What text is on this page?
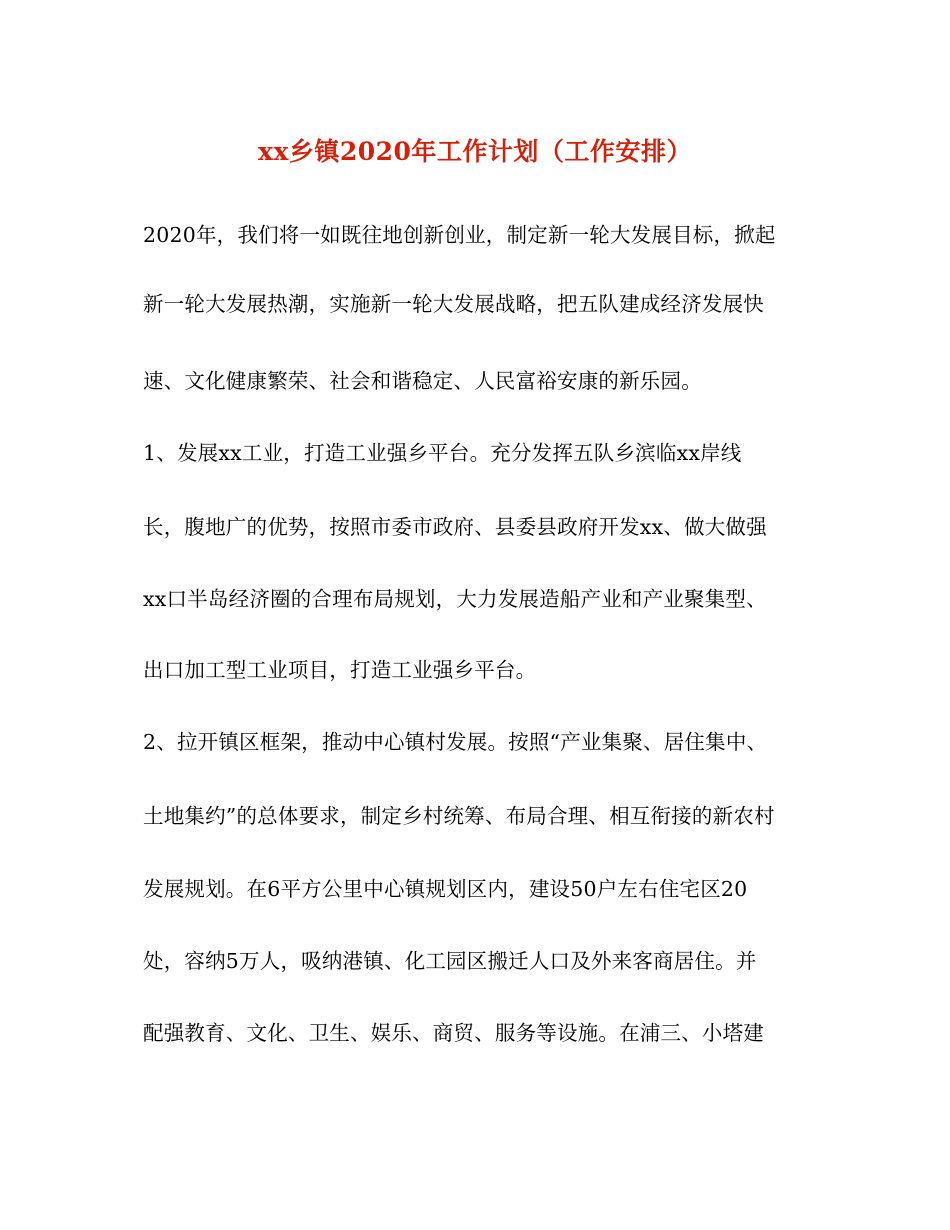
xx乡镇2020年工作计划（工作安排）
2020年，我们将一如既往地创新创业，制定新一轮大发展目标，掀起
新一轮大发展热潮，实施新一轮大发展战略，把五队建成经济发展快
速、文化健康繁荣、社会和谐稳定、人民富裕安康的新乐园。
1、发展xx工业，打造工业强乡平台。充分发挥五队乡滨临xx岸线
长，腹地广的优势，按照市委市政府、县委县政府开发xx、做大做强
xx口半岛经济圈的合理布局规划，大力发展造船产业和产业聚集型、
出口加工型工业项目，打造工业强乡平台。
2、拉开镇区框架，推动中心镇村发展。按照“产业集聚、居住集中、
土地集约”的总体要求，制定乡村统筹、布局合理、相互衔接的新农村
发展规划。在6平方公里中心镇规划区内，建设50户左右住宅区20
处，容纳5万人，吸纳港镇、化工园区搬迁人口及外来客商居住。并
配强教育、文化、卫生、娱乐、商贸、服务等设施。在浦三、小塔建
